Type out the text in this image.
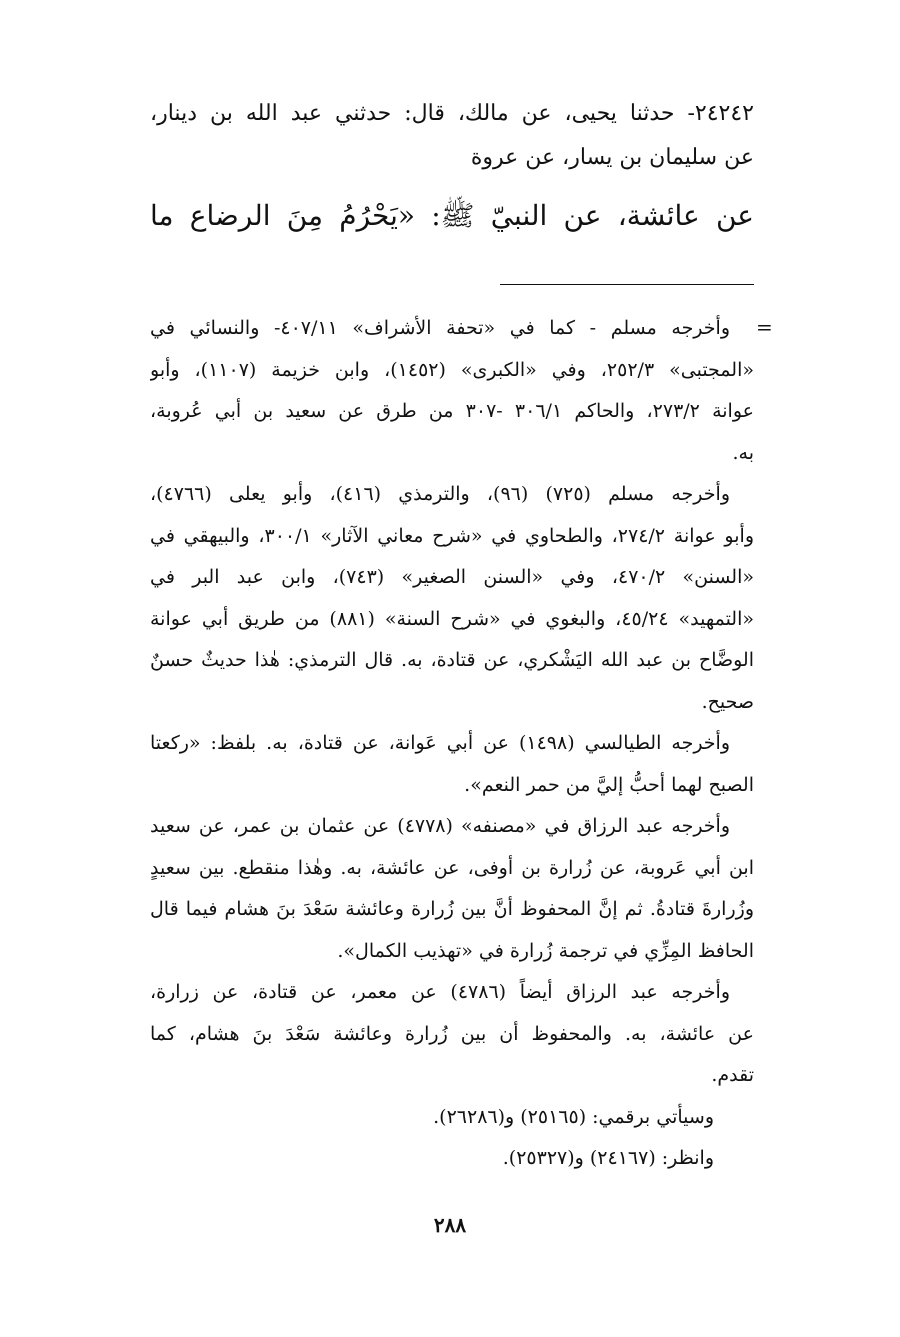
٢٤٢٤٢- حدثنا يحيى، عن مالك، قال: حدثني عبد الله بن دينار،
عن سليمان بن يسار، عن عروة
عن عائشة، عن النبيّ ﷺ: «يَحْرُمُ مِنَ الرضاع ما
=
وأخرجه مسلم - كما في «تحفة الأشراف» ٤٠٧/١١- والنسائي في
«المجتبى» ٢٥٢/٣، وفي «الكبرى» (١٤٥٢)، وابن خزيمة (١١٠٧)، وأبو
عوانة ٢٧٣/٢، والحاكم ٣٠٦/١ -٣٠٧ من طرق عن سعيد بن أبي عُروبة،
به.
وأخرجه مسلم (٧٢٥) (٩٦)، والترمذي (٤١٦)، وأبو يعلى (٤٧٦٦)،
وأبو عوانة ٢٧٤/٢، والطحاوي في «شرح معاني الآثار» ٣٠٠/١، والبيهقي في
«السنن» ٤٧٠/٢، وفي «السنن الصغير» (٧٤٣)، وابن عبد البر في
«التمهيد» ٤٥/٢٤، والبغوي في «شرح السنة» (٨٨١) من طريق أبي عوانة
الوضَّاح بن عبد الله اليَشْكري، عن قتادة، به. قال الترمذي: هٰذا حديثٌ حسنٌ
صحيح.
وأخرجه الطيالسي (١٤٩٨) عن أبي عَوانة، عن قتادة، به. بلفظ: «ركعتا
الصبح لهما أحبُّ إليَّ من حمر النعم».
وأخرجه عبد الرزاق في «مصنفه» (٤٧٧٨) عن عثمان بن عمر، عن سعيد
ابن أبي عَروبة، عن زُرارة بن أوفى، عن عائشة، به. وهٰذا منقطع. بين سعيدٍ
وزُرارةَ قتادةُ. ثم إنَّ المحفوظ أنَّ بين زُرارة وعائشة سَعْدَ بنَ هشام فيما قال
الحافظ المِزِّي في ترجمة زُرارة في «تهذيب الكمال».
وأخرجه عبد الرزاق أيضاً (٤٧٨٦) عن معمر، عن قتادة، عن زرارة،
عن عائشة، به. والمحفوظ أن بين زُرارة وعائشة سَعْدَ بنَ هشام، كما
تقدم.
وسيأتي برقمي: (٢٥١٦٥) و(٢٦٢٨٦).
وانظر: (٢٤١٦٧) و(٢٥٣٢٧).
٢٨٨
